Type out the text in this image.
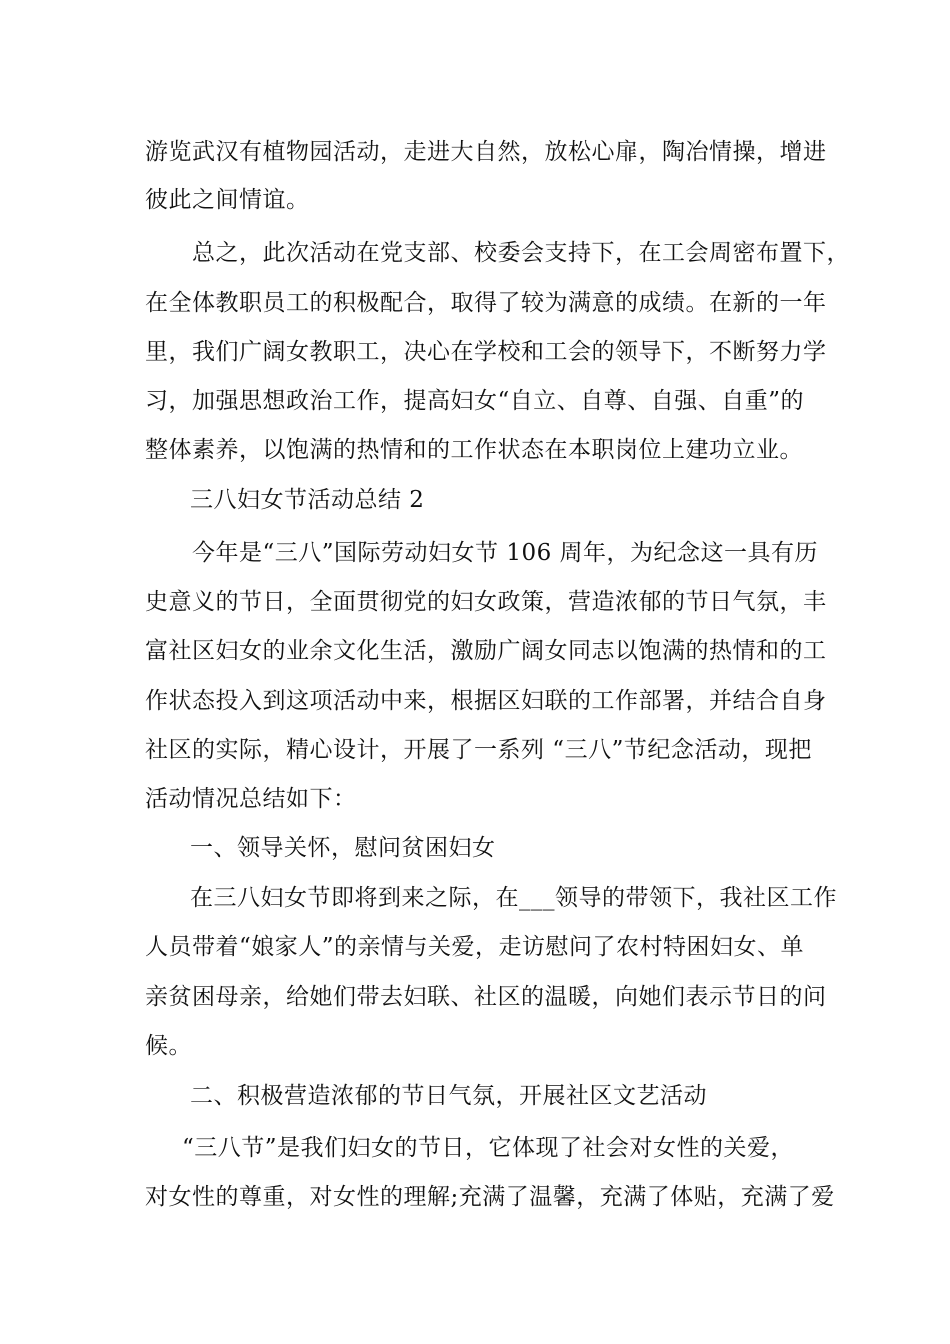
游览武汉有植物园活动，走进大自然，放松心扉，陶冶情操，增进
彼此之间情谊。
总之，此次活动在党支部、校委会支持下，在工会周密布置下，
在全体教职员工的积极配合，取得了较为满意的成绩。在新的一年
里，我们广阔女教职工，决心在学校和工会的领导下，不断努力学
习，加强思想政治工作，提高妇女“自立、自尊、自强、自重”的
整体素养，以饱满的热情和的工作状态在本职岗位上建功立业。
三八妇女节活动总结 2
今年是“三八”国际劳动妇女节 106 周年，为纪念这一具有历
史意义的节日，全面贯彻党的妇女政策，营造浓郁的节日气氛，丰
富社区妇女的业余文化生活，激励广阔女同志以饱满的热情和的工
作状态投入到这项活动中来，根据区妇联的工作部署，并结合自身
社区的实际，精心设计，开展了一系列 “三八”节纪念活动，现把
活动情况总结如下：
一、领导关怀，慰问贫困妇女
在三八妇女节即将到来之际，在___领导的带领下，我社区工作
人员带着“娘家人”的亲情与关爱，走访慰问了农村特困妇女、单
亲贫困母亲，给她们带去妇联、社区的温暖，向她们表示节日的问
候。
二、积极营造浓郁的节日气氛，开展社区文艺活动
“三八节”是我们妇女的节日，它体现了社会对女性的关爱，
对女性的尊重，对女性的理解;充满了温馨，充满了体贴，充满了爱
